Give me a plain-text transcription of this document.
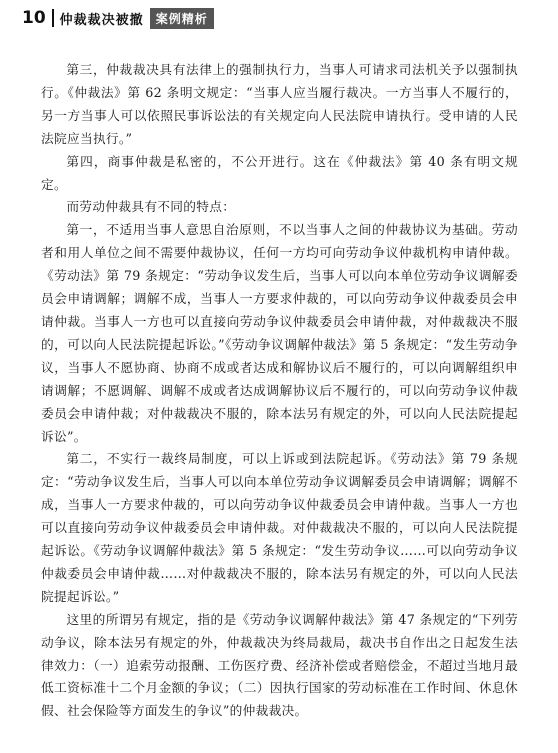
10 仲裁裁决被撤	案例精析

第三，仲裁裁决具有法律上的强制执行力，当事人可请求司法机关予以强制执行。《仲裁法》第 62 条明文规定：“当事人应当履行裁决。一方当事人不履行的，另一方当事人可以依照民事诉讼法的有关规定向人民法院申请执行。受申请的人民法院应当执行。”

第四，商事仲裁是私密的，不公开进行。这在《仲裁法》第 40 条有明文规定。

而劳动仲裁具有不同的特点：

第一，不适用当事人意思自治原则，不以当事人之间的仲裁协议为基础。劳动者和用人单位之间不需要仲裁协议，任何一方均可向劳动争议仲裁机构申请仲裁。《劳动法》第 79 条规定：“劳动争议发生后，当事人可以向本单位劳动争议调解委员会申请调解；调解不成，当事人一方要求仲裁的，可以向劳动争议仲裁委员会申请仲裁。当事人一方也可以直接向劳动争议仲裁委员会申请仲裁，对仲裁裁决不服的，可以向人民法院提起诉讼。”《劳动争议调解仲裁法》第 5 条规定：“发生劳动争议，当事人不愿协商、协商不成或者达成和解协议后不履行的，可以向调解组织申请调解；不愿调解、调解不成或者达成调解协议后不履行的，可以向劳动争议仲裁委员会申请仲裁；对仲裁裁决不服的，除本法另有规定的外，可以向人民法院提起诉讼”。

第二，不实行一裁终局制度，可以上诉或到法院起诉。《劳动法》第 79 条规定：“劳动争议发生后，当事人可以向本单位劳动争议调解委员会申请调解；调解不成，当事人一方要求仲裁的，可以向劳动争议仲裁委员会申请仲裁。当事人一方也可以直接向劳动争议仲裁委员会申请仲裁。对仲裁裁决不服的，可以向人民法院提起诉讼。《劳动争议调解仲裁法》第 5 条规定：“发生劳动争议……可以向劳动争议仲裁委员会申请仲裁……对仲裁裁决不服的，除本法另有规定的外，可以向人民法院提起诉讼。”

这里的所谓另有规定，指的是《劳动争议调解仲裁法》第 47 条规定的“下列劳动争议，除本法另有规定的外，仲裁裁决为终局裁局，裁决书自作出之日起发生法律效力：（一）追索劳动报酬、工伤医疗费、经济补偿或者赔偿金，不超过当地月最低工资标准十二个月金额的争议；（二）因执行国家的劳动标准在工作时间、休息休假、社会保险等方面发生的争议”的仲裁裁决。
